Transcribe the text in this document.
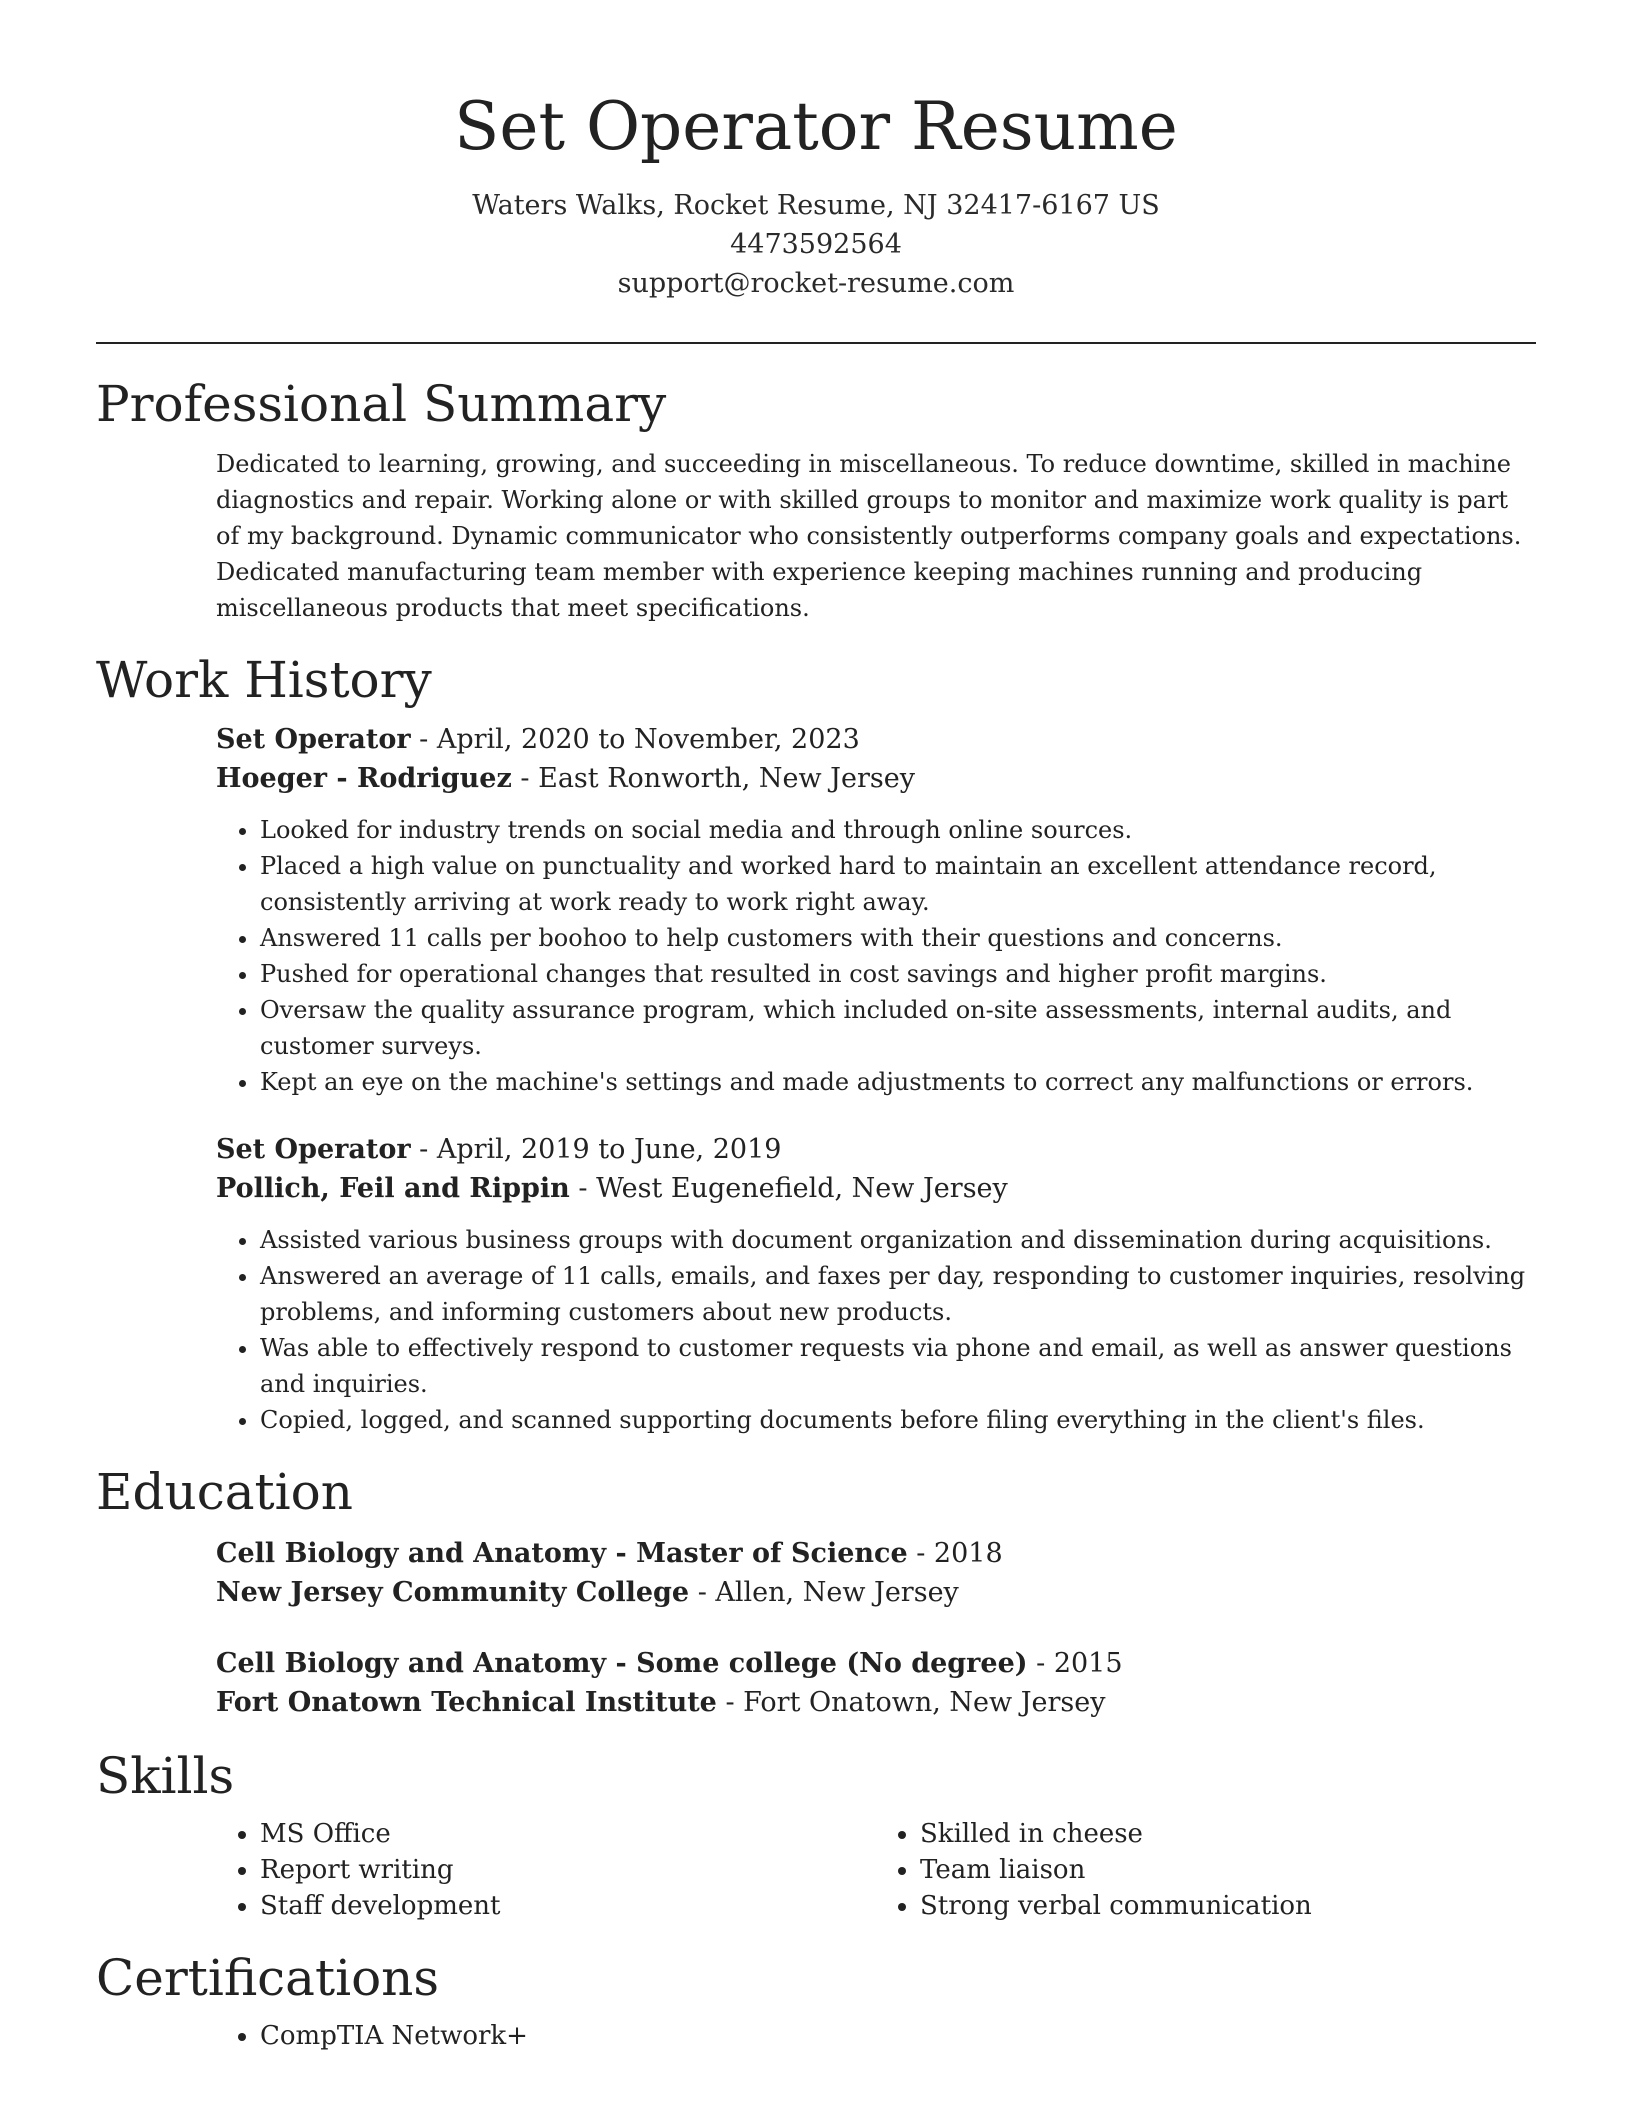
Set Operator Resume
Waters Walks, Rocket Resume, NJ 32417-6167 US
4473592564
support@rocket-resume.com
Professional Summary

Dedicated to learning, growing, and succeeding in miscellaneous. To reduce downtime, skilled in machine diagnostics and repair. Working alone or with skilled groups to monitor and maximize work quality is part of my background. Dynamic communicator who consistently outperforms company goals and expectations. Dedicated manufacturing team member with experience keeping machines running and producing miscellaneous products that meet specifications.

Work History
Set Operator - April, 2020 to November, 2023
Hoeger - Rodriguez - East Ronworth, New Jersey
• Looked for industry trends on social media and through online sources.
• Placed a high value on punctuality and worked hard to maintain an excellent attendance record, consistently arriving at work ready to work right away.
• Answered 11 calls per boohoo to help customers with their questions and concerns.
• Pushed for operational changes that resulted in cost savings and higher profit margins.
• Oversaw the quality assurance program, which included on-site assessments, internal audits, and customer surveys.
• Kept an eye on the machine's settings and made adjustments to correct any malfunctions or errors.
Set Operator - April, 2019 to June, 2019
Pollich, Feil and Rippin - West Eugenefield, New Jersey
• Assisted various business groups with document organization and dissemination during acquisitions.
• Answered an average of 11 calls, emails, and faxes per day, responding to customer inquiries, resolving problems, and informing customers about new products.
• Was able to effectively respond to customer requests via phone and email, as well as answer questions and inquiries.
• Copied, logged, and scanned supporting documents before filing everything in the client's files.
Education
Cell Biology and Anatomy - Master of Science - 2018
New Jersey Community College - Allen, New Jersey
Cell Biology and Anatomy - Some college (No degree) - 2015
Fort Onatown Technical Institute - Fort Onatown, New Jersey
Skills
• MS Office
• Report writing
• Staff development
• Skilled in cheese
• Team liaison
• Strong verbal communication
Certifications
• CompTIA Network+
